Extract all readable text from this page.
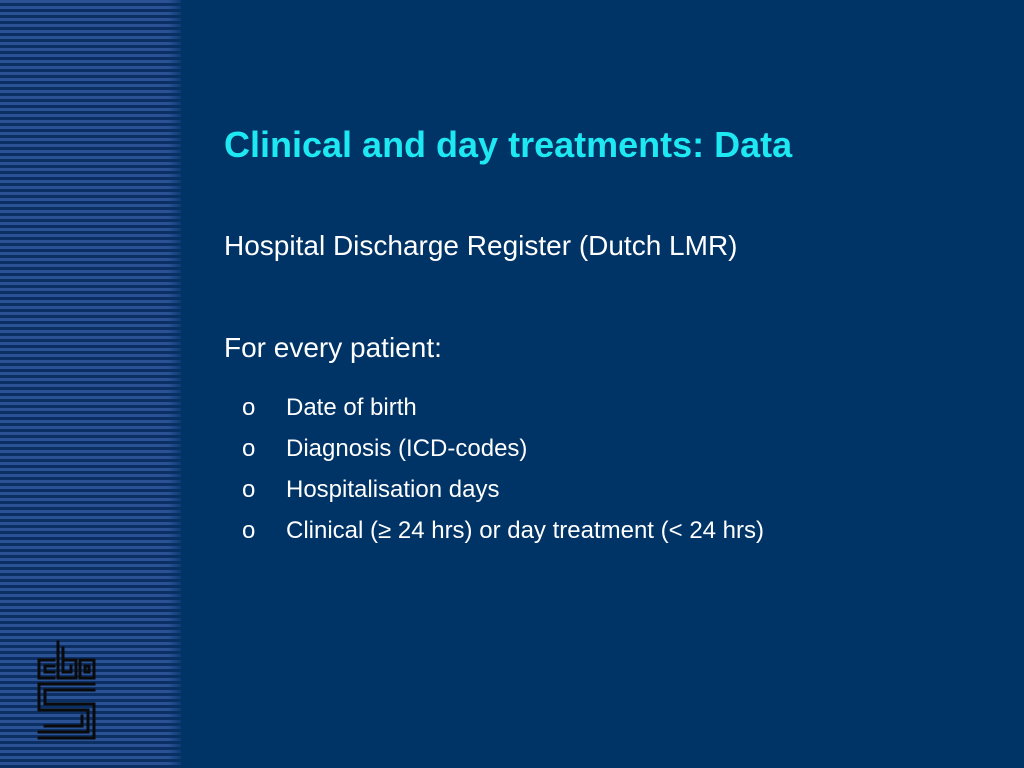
Clinical and day treatments: Data

Hospital Discharge Register (Dutch LMR)

For every patient:

o Date of birth
o Diagnosis (ICD-codes)
o Hospitalisation days
o Clinical (≥ 24 hrs) or day treatment (< 24 hrs)
